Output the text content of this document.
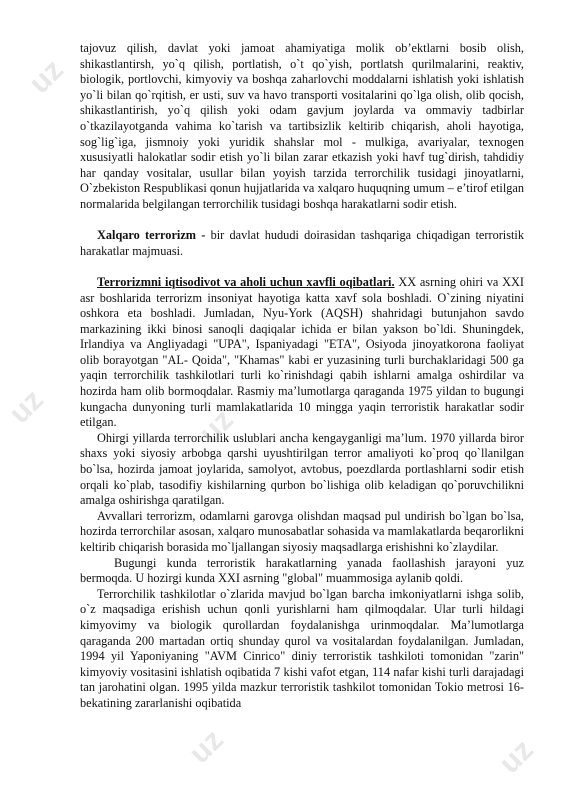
uz
uz	uz
uz	uz

tajovuz qilish, davlat yoki jamoat ahamiyatiga molik ob’ektlarni bosib olish, shikastlantirsh, yo`q qilish, portlatish, o`t qo`yish, portlatsh qurilmalarini, reaktiv, biologik, portlovchi, kimyoviy va boshqa zaharlovchi moddalarni ishlatish yoki ishlatish yo`li bilan qo`rqitish, er usti, suv va havo transporti vositalarini qo`lga olish, olib qocish, shikastlantirish, yo`q qilish yoki odam gavjum joylarda va ommaviy tadbirlar o`tkazilayotganda vahima ko`tarish va tartibsizlik keltirib chiqarish, aholi hayotiga, sog`lig`iga, jismnoiy yoki yuridik shahslar mol - mulkiga, avariyalar, texnogen xususiyatli halokatlar sodir etish yo`li bilan zarar etkazish yoki havf tug`dirish, tahdidiy har qanday vositalar, usullar bilan yoyish tarzida terrorchilik tusidagi jinoyatlarni, O`zbekiston Respublikasi qonun hujjatlarida va xalqaro huquqning umum – e’tirof etilgan normalarida belgilangan terrorchilik tusidagi boshqa harakatlarni sodir etish.

Xalqaro terrorizm - bir davlat hududi doirasidan tashqariga chiqadigan terroristik harakatlar majmuasi.

Terrorizmni iqtisodivot va aholi uchun xavfli oqibatlari. XX asrning ohiri va XXI asr boshlarida terrorizm insoniyat hayotiga katta xavf sola boshladi. O`zining niyatini oshkora eta boshladi. Jumladan, Nyu-York (AQSH) shahridagi butunjahon savdo markazining ikki binosi sanoqli daqiqalar ichida er bilan yakson bo`ldi. Shuningdek, Irlandiya va Angliyadagi "UPA", Ispaniyadagi "ETA", Osiyoda jinoyatkorona faoliyat olib borayotgan "AL- Qoida", "Khamas" kabi er yuzasining turli burchaklaridagi 500 ga yaqin terrorchilik tashkilotlari turli ko`rinishdagi qabih ishlarni amalga oshirdilar va hozirda ham olib bormoqdalar. Rasmiy ma’lumotlarga qaraganda 1975 yildan to bugungi kungacha dunyoning turli mamlakatlarida 10 mingga yaqin terroristik harakatlar sodir etilgan.

Ohirgi yillarda terrorchilik uslublari ancha kengayganligi ma’lum. 1970 yillarda biror shaxs yoki siyosiy arbobga qarshi uyushtirilgan terror amaliyoti ko`proq qo`llanilgan bo`lsa, hozirda jamoat joylarida, samolyot, avtobus, poezdlarda portlashlarni sodir etish orqali ko`plab, tasodifiy kishilarning qurbon bo`lishiga olib keladigan qo`poruvchilikni amalga oshirishga qaratilgan.

Avvallari terrorizm, odamlarni garovga olishdan maqsad pul undirish bo`lgan bo`lsa, hozirda terrorchilar asosan, xalqaro munosabatlar sohasida va mamlakatlarda beqarorlikni keltirib chiqarish borasida mo`ljallangan siyosiy maqsadlarga erishishni ko`zlaydilar.

Bugungi kunda terroristik harakatlarning yanada faollashish jarayoni yuz bermoqda. U hozirgi kunda XXI asrning "global" muammosiga aylanib qoldi.

Terrorchilik tashkilotlar o`zlarida mavjud bo`lgan barcha imkoniyatlarni ishga solib, o`z maqsadiga erishish uchun qonli yurishlarni ham qilmoqdalar. Ular turli hildagi kimyovimy va biologik qurollardan foydalanishga urinmoqdalar. Ma’lumotlarga qaraganda 200 martadan ortiq shunday qurol va vositalardan foydalanilgan. Jumladan, 1994 yil Yaponiyaning "AVM Cinrico" diniy terroristik tashkiloti tomonidan "zarin" kimyoviy vositasini ishlatish oqibatida 7 kishi vafot etgan, 114 nafar kishi turli darajadagi tan jarohatini olgan. 1995 yilda mazkur terroristik tashkilot tomonidan Tokio metrosi 16- bekatining zararlanishi oqibatida
